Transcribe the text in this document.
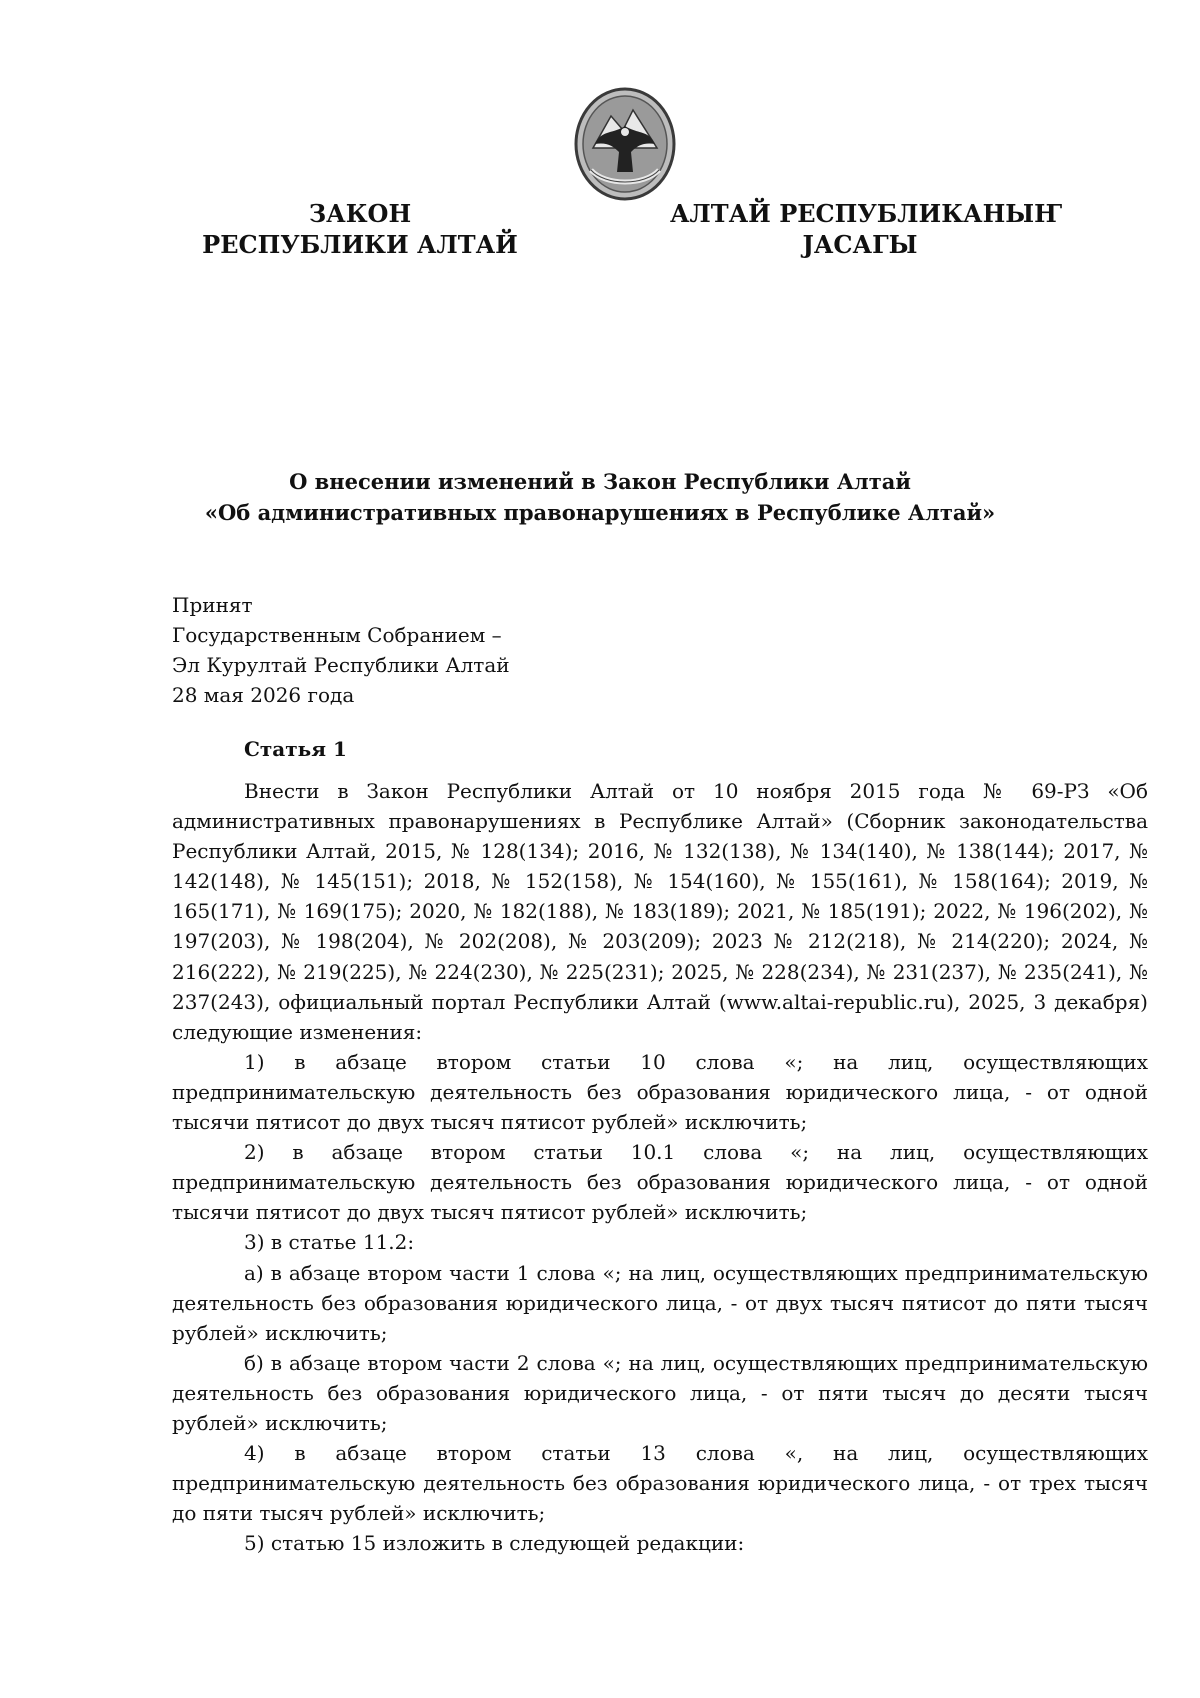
ЗАКОН
РЕСПУБЛИКИ АЛТАЙ
АЛТАЙ РЕСПУБЛИКАНЫҤ
ЈАСАГЫ
О внесении изменений в Закон Республики Алтай
«Об административных правонарушениях в Республике Алтай»
Принят
Государственным Собранием –
Эл Курултай Республики Алтай
28 мая 2026 года
Статья 1

Внести в Закон Республики Алтай от 10 ноября 2015 года № 69-РЗ «Об административных правонарушениях в Республике Алтай» (Сборник законодательства Республики Алтай, 2015, № 128(134); 2016, № 132(138), № 134(140), № 138(144); 2017, № 142(148), № 145(151); 2018, № 152(158), № 154(160), № 155(161), № 158(164); 2019, № 165(171), № 169(175); 2020, № 182(188), № 183(189); 2021, № 185(191); 2022, № 196(202), № 197(203), № 198(204), № 202(208), № 203(209); 2023 № 212(218), № 214(220); 2024, № 216(222), № 219(225), № 224(230), № 225(231); 2025, № 228(234), № 231(237), № 235(241), № 237(243), официальный портал Республики Алтай (www.altai-republic.ru), 2025, 3 декабря) следующие изменения:

1) в абзаце втором статьи 10 слова «; на лиц, осуществляющих предпринимательскую деятельность без образования юридического лица, - от одной тысячи пятисот до двух тысяч пятисот рублей» исключить;

2) в абзаце втором статьи 10.1 слова «; на лиц, осуществляющих предпринимательскую деятельность без образования юридического лица, - от одной тысячи пятисот до двух тысяч пятисот рублей» исключить;

3) в статье 11.2:

а) в абзаце втором части 1 слова «; на лиц, осуществляющих предпринимательскую деятельность без образования юридического лица, - от двух тысяч пятисот до пяти тысяч рублей» исключить;

б) в абзаце втором части 2 слова «; на лиц, осуществляющих предпринимательскую деятельность без образования юридического лица, - от пяти тысяч до десяти тысяч рублей» исключить;

4) в абзаце втором статьи 13 слова «, на лиц, осуществляющих предпринимательскую деятельность без образования юридического лица, - от трех тысяч до пяти тысяч рублей» исключить;

5) статью 15 изложить в следующей редакции:
